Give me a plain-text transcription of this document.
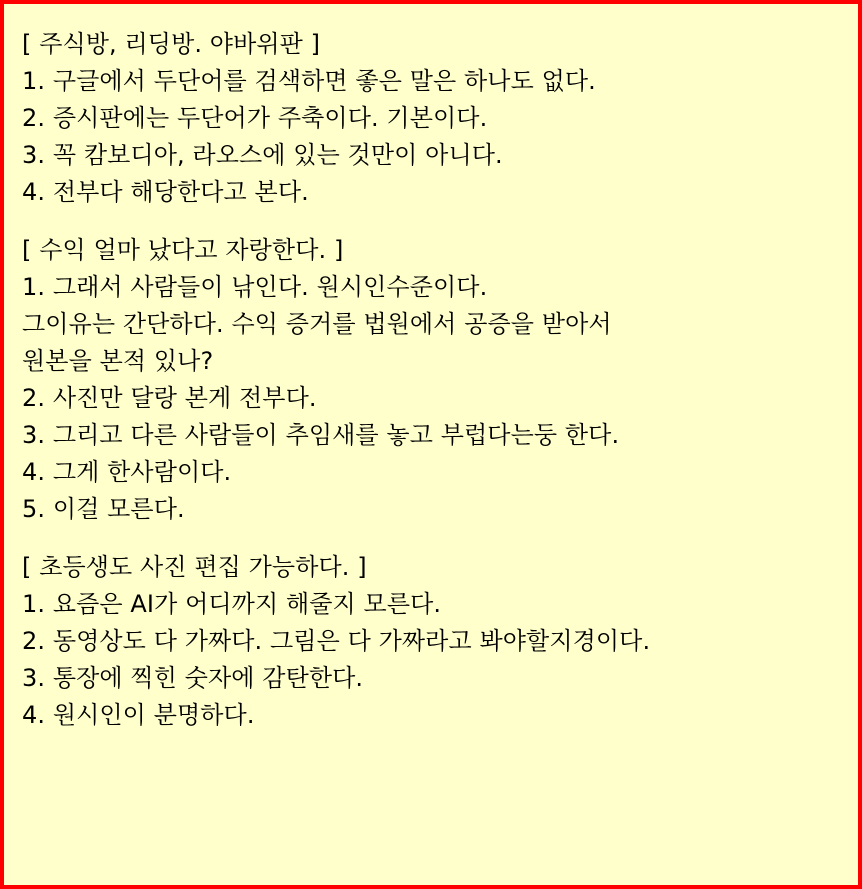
[ 주식방, 리딩방. 야바위판 ]
1. 구글에서 두단어를 검색하면 좋은 말은 하나도 없다.
2. 증시판에는 두단어가 주축이다. 기본이다.
3. 꼭 캄보디아, 라오스에 있는 것만이 아니다.
4. 전부다 해당한다고 본다.
[ 수익 얼마 났다고 자랑한다. ]
1. 그래서 사람들이 낚인다. 원시인수준이다.
그이유는 간단하다. 수익 증거를 법원에서 공증을 받아서
원본을 본적 있나?
2. 사진만 달랑 본게 전부다.
3. 그리고 다른 사람들이 추임새를 놓고 부럽다는둥 한다.
4. 그게 한사람이다.
5. 이걸 모른다.
[ 초등생도 사진 편집 가능하다. ]
1. 요즘은 AI가 어디까지 해줄지 모른다.
2. 동영상도 다 가짜다. 그림은 다 가짜라고 봐야할지경이다.
3. 통장에 찍힌 숫자에 감탄한다.
4. 원시인이 분명하다.
